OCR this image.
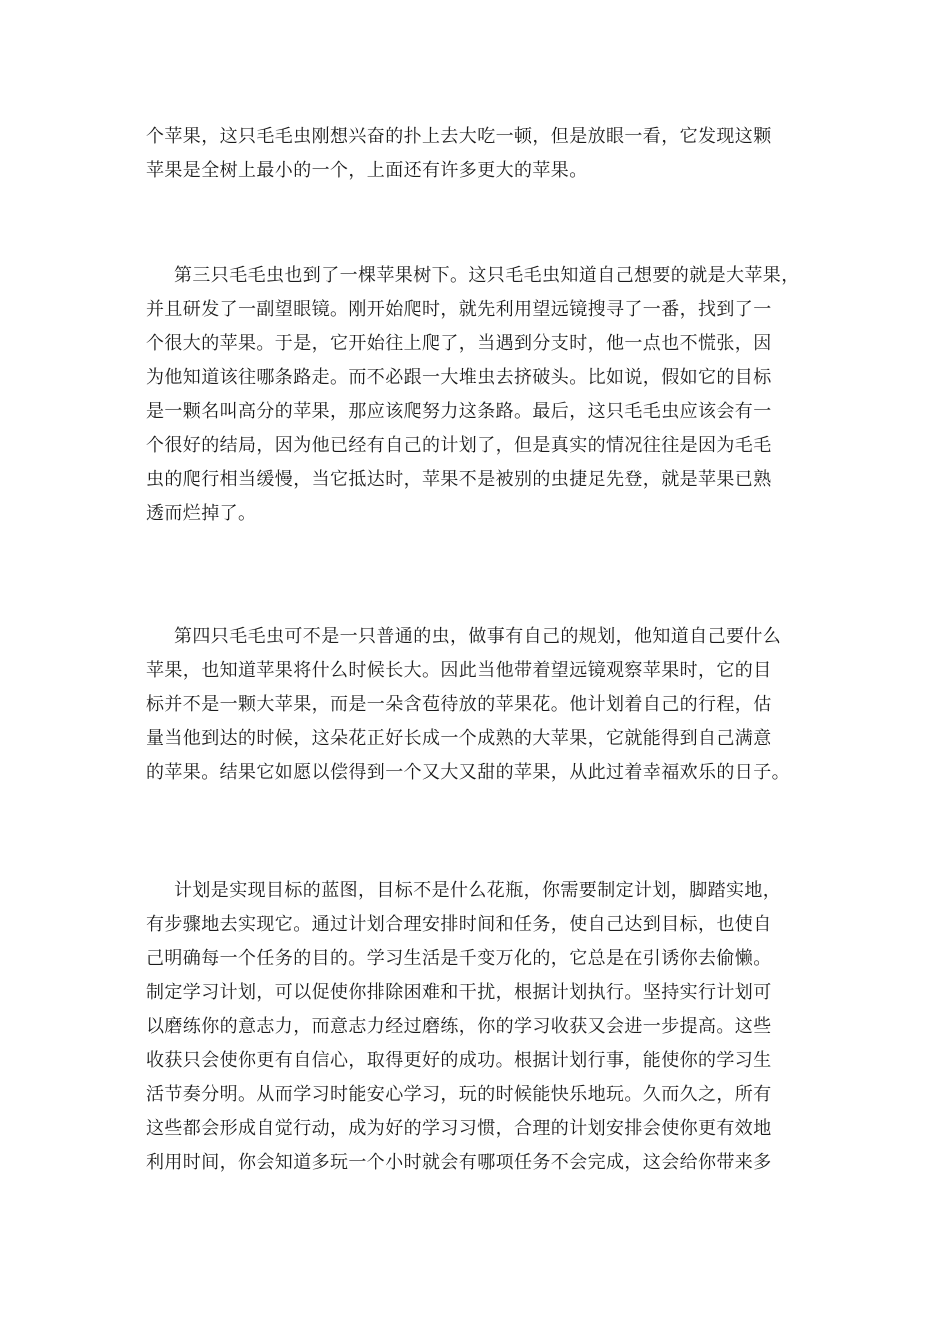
个苹果，这只毛毛虫刚想兴奋的扑上去大吃一顿，但是放眼一看，它发现这颗
苹果是全树上最小的一个，上面还有许多更大的苹果。
第三只毛毛虫也到了一棵苹果树下。这只毛毛虫知道自己想要的就是大苹果，
并且研发了一副望眼镜。刚开始爬时，就先利用望远镜搜寻了一番，找到了一
个很大的苹果。于是，它开始往上爬了，当遇到分支时，他一点也不慌张，因
为他知道该往哪条路走。而不必跟一大堆虫去挤破头。比如说，假如它的目标
是一颗名叫高分的苹果，那应该爬努力这条路。最后，这只毛毛虫应该会有一
个很好的结局，因为他已经有自己的计划了，但是真实的情况往往是因为毛毛
虫的爬行相当缓慢，当它抵达时，苹果不是被别的虫捷足先登，就是苹果已熟
透而烂掉了。
第四只毛毛虫可不是一只普通的虫，做事有自己的规划，他知道自己要什么
苹果，也知道苹果将什么时候长大。因此当他带着望远镜观察苹果时，它的目
标并不是一颗大苹果，而是一朵含苞待放的苹果花。他计划着自己的行程，估
量当他到达的时候，这朵花正好长成一个成熟的大苹果，它就能得到自己满意
的苹果。结果它如愿以偿得到一个又大又甜的苹果，从此过着幸福欢乐的日子。
计划是实现目标的蓝图，目标不是什么花瓶，你需要制定计划，脚踏实地，
有步骤地去实现它。通过计划合理安排时间和任务，使自己达到目标，也使自
己明确每一个任务的目的。学习生活是千变万化的，它总是在引诱你去偷懒。
制定学习计划，可以促使你排除困难和干扰，根据计划执行。坚持实行计划可
以磨练你的意志力，而意志力经过磨练，你的学习收获又会进一步提高。这些
收获只会使你更有自信心，取得更好的成功。根据计划行事，能使你的学习生
活节奏分明。从而学习时能安心学习，玩的时候能快乐地玩。久而久之，所有
这些都会形成自觉行动，成为好的学习习惯，合理的计划安排会使你更有效地
利用时间，你会知道多玩一个小时就会有哪项任务不会完成，这会给你带来多
